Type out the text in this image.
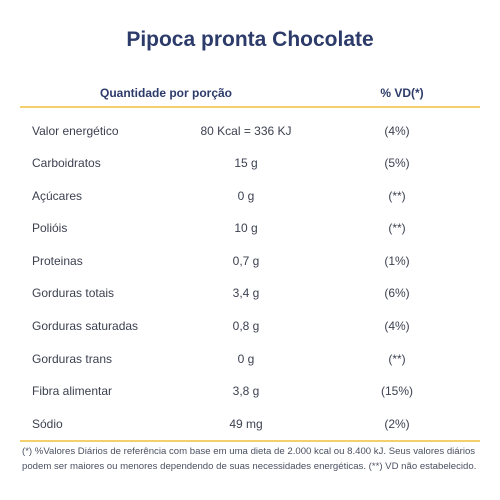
Pipoca pronta Chocolate
Quantidade por porção	% VD(*)
Valor energético	80 Kcal = 336 KJ	(4%)
Carboidratos	15 g	(5%)
Açúcares	0 g	(**)
Polióis	10 g	(**)
Proteinas	0,7 g	(1%)
Gorduras totais	3,4 g	(6%)
Gorduras saturadas	0,8 g	(4%)
Gorduras trans	0 g	(**)
Fibra alimentar	3,8 g	(15%)
Sódio	49 mg	(2%)
(*) %Valores Diários de referência com base em uma dieta de 2.000 kcal ou 8.400 kJ. Seus valores diários
podem ser maiores ou menores dependendo de suas necessidades energéticas. (**) VD não estabelecido.
